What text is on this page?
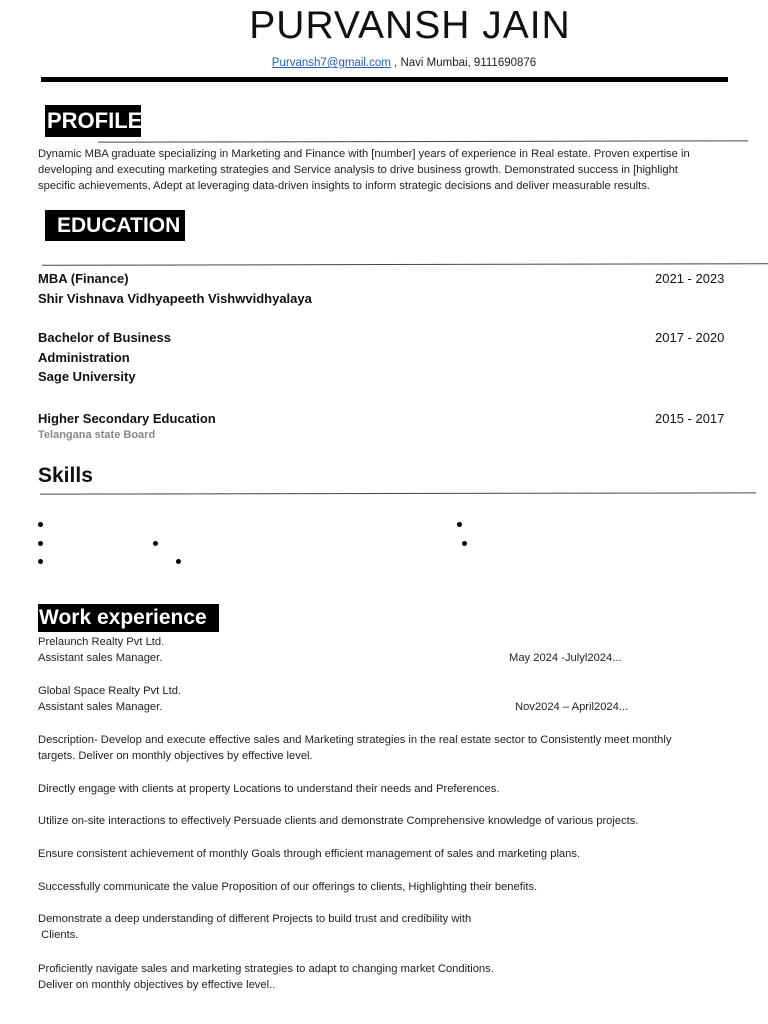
PURVANSH JAIN
Purvansh7@gmail.com , Navi Mumbai, 9111690876
PROFILE
Dynamic MBA graduate specializing in Marketing and Finance with [number] years of experience in Real estate. Proven expertise in
developing and executing marketing strategies and Service analysis to drive business growth. Demonstrated success in [highlight
specific achievements, Adept at leveraging data-driven insights to inform strategic decisions and deliver measurable results.
EDUCATION
MBA (Finance)
Shir Vishnava Vidhyapeeth Vishwvidhyalaya
2021 - 2023
Bachelor of Business
Administration
Sage University
2017 - 2020
Higher Secondary Education
Telangana state Board
2015 - 2017
Skills
Work experience
Prelaunch Realty Pvt Ltd.
Assistant sales Manager.	May 2024 -Julyl2024...
Global Space Realty Pvt Ltd.
Assistant sales Manager.	Nov2024 – April2024...
Description- Develop and execute effective sales and Marketing strategies in the real estate sector to Consistently meet monthly
targets. Deliver on monthly objectives by effective level.
Directly engage with clients at property Locations to understand their needs and Preferences.
Utilize on-site interactions to effectively Persuade clients and demonstrate Comprehensive knowledge of various projects.
Ensure consistent achievement of monthly Goals through efficient management of sales and marketing plans.
Successfully communicate the value Proposition of our offerings to clients, Highlighting their benefits.
Demonstrate a deep understanding of different Projects to build trust and credibility with
Clients.
Proficiently navigate sales and marketing strategies to adapt to changing market Conditions.
Deliver on monthly objectives by effective level..
